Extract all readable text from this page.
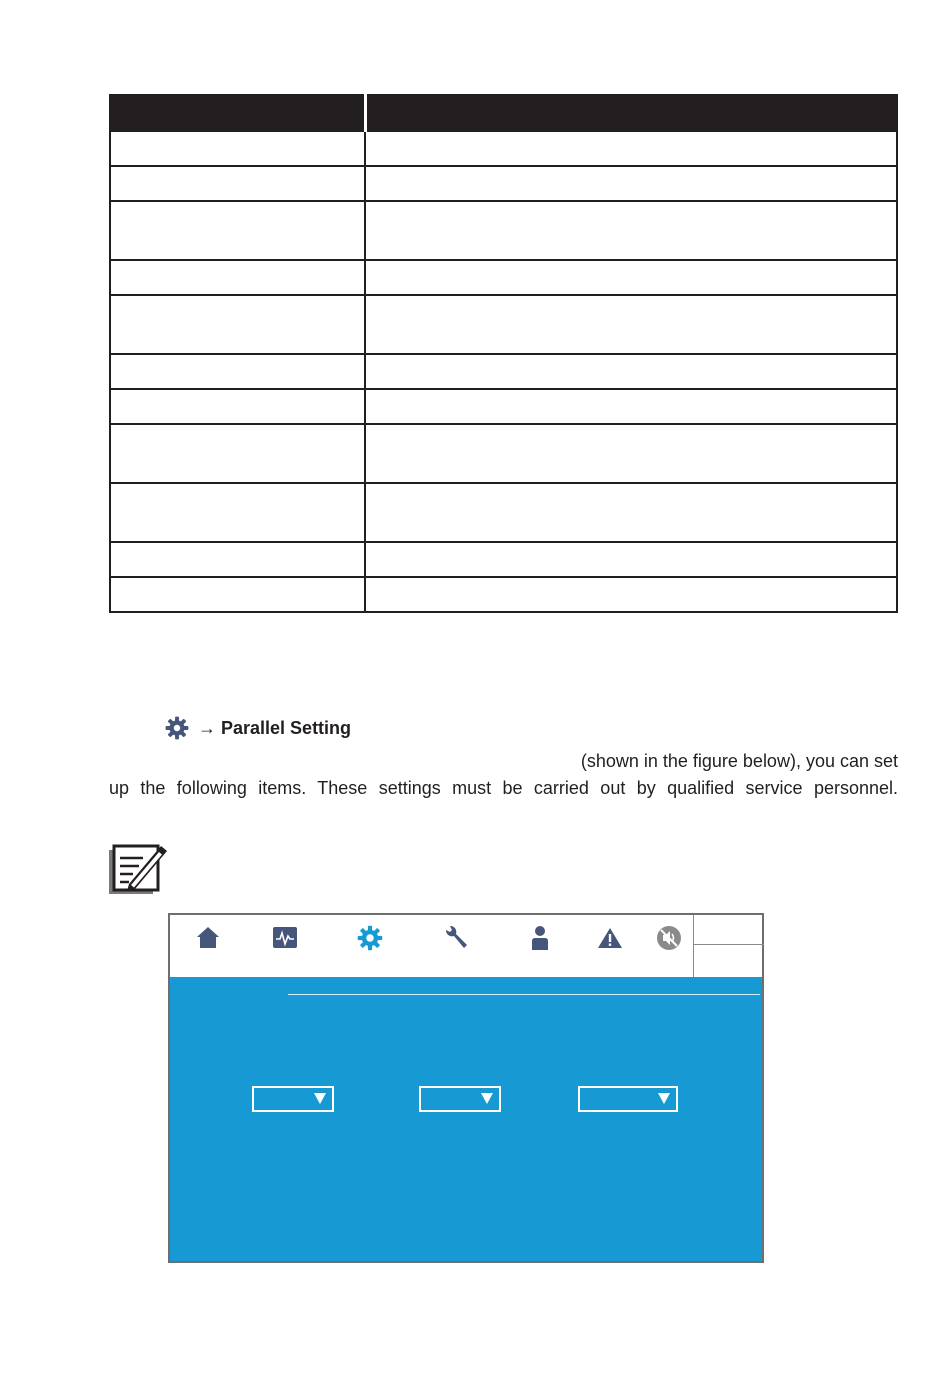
→ Parallel Setting

(shown in the figure below), you can set

up the following items. These settings must be carried out by qualified service personnel.
